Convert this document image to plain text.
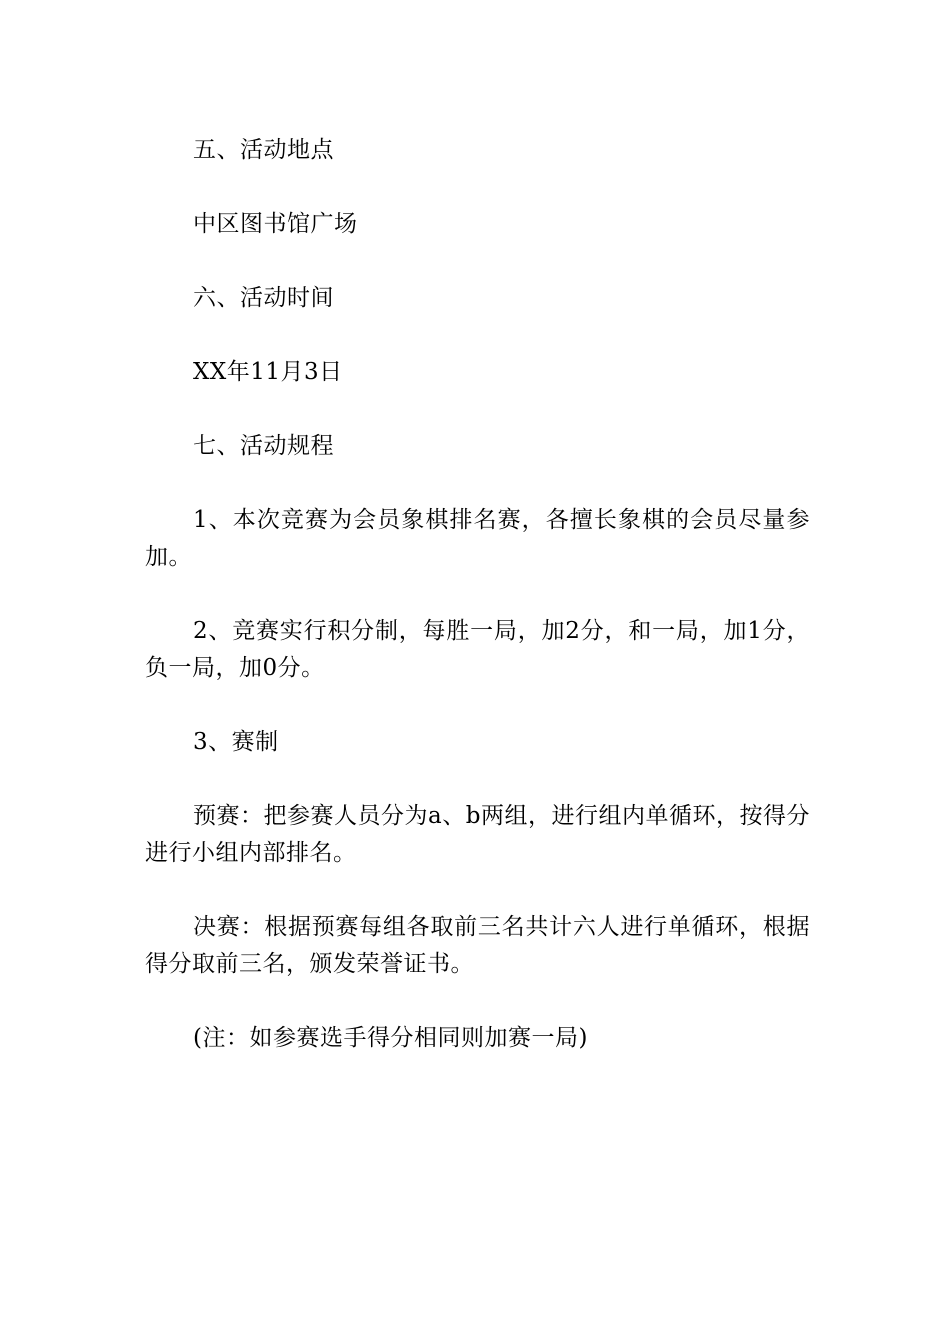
五、活动地点

中区图书馆广场

六、活动时间

XX年11月3日

七、活动规程

1、本次竞赛为会员象棋排名赛，各擅长象棋的会员尽量参加。

2、竞赛实行积分制，每胜一局，加2分，和一局，加1分，负一局，加0分。

3、赛制

预赛：把参赛人员分为a、b两组，进行组内单循环，按得分进行小组内部排名。

决赛：根据预赛每组各取前三名共计六人进行单循环，根据得分取前三名，颁发荣誉证书。

(注：如参赛选手得分相同则加赛一局)
